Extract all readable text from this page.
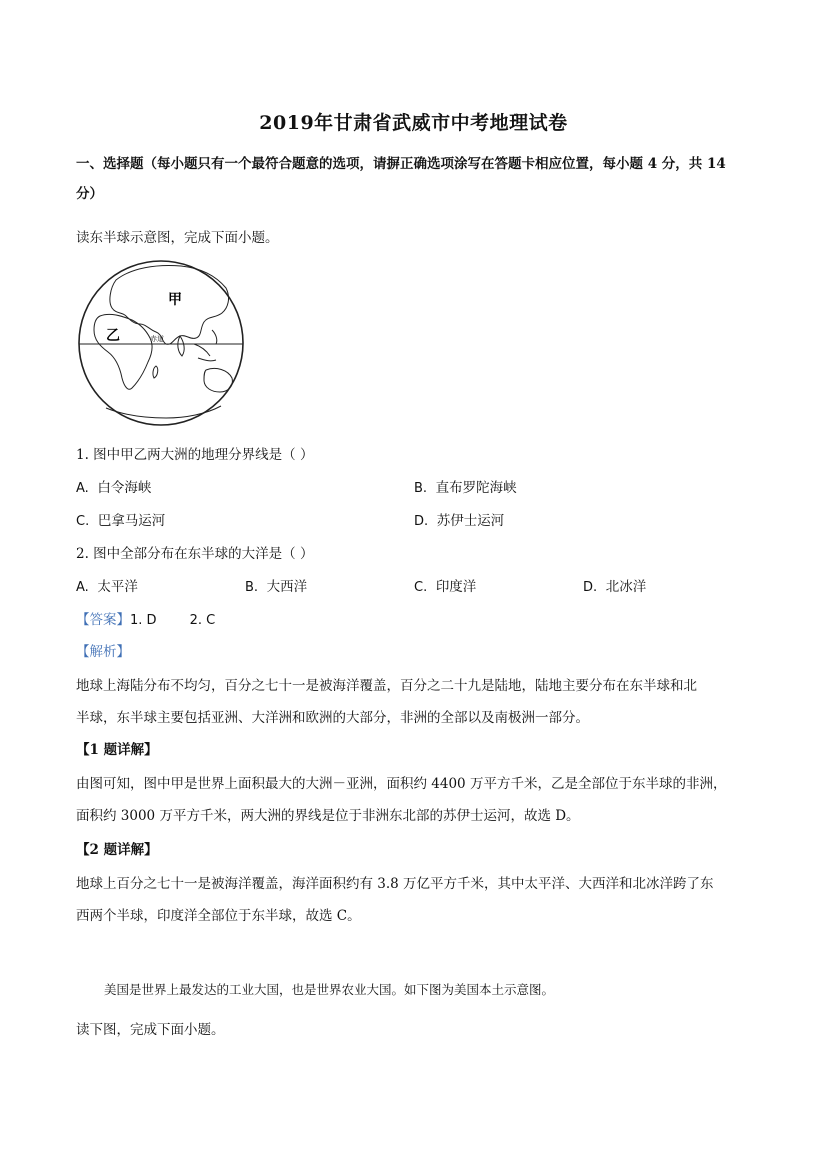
2019年甘肃省武威市中考地理试卷
一、选择题（每小题只有一个最符合题意的选项，请摒正确选项涂写在答题卡相应位置，每小题 4 分，共 14
分）
读东半球示意图，完成下面小题。
赤道
甲
乙
1. 图中甲乙两大洲的地理分界线是（ ）
A. 白令海峡	B. 直布罗陀海峡
C. 巴拿马运河	D. 苏伊士运河
2. 图中全部分布在东半球的大洋是（ ）
A. 太平洋	B. 大西洋	C. 印度洋	D. 北冰洋
【答案】1. D        2. C
【解析】
地球上海陆分布不均匀，百分之七十一是被海洋覆盖，百分之二十九是陆地，陆地主要分布在东半球和北
半球，东半球主要包括亚洲、大洋洲和欧洲的大部分，非洲的全部以及南极洲一部分。
【1 题详解】
由图可知，图中甲是世界上面积最大的大洲－亚洲，面积约 4400 万平方千米，乙是全部位于东半球的非洲，
面积约 3000 万平方千米，两大洲的界线是位于非洲东北部的苏伊士运河，故选 D。
【2 题详解】
地球上百分之七十一是被海洋覆盖，海洋面积约有 3.8 万亿平方千米，其中太平洋、大西洋和北冰洋跨了东
西两个半球，印度洋全部位于东半球，故选 C。
美国是世界上最发达的工业大国，也是世界农业大国。如下图为美国本土示意图。
读下图，完成下面小题。
